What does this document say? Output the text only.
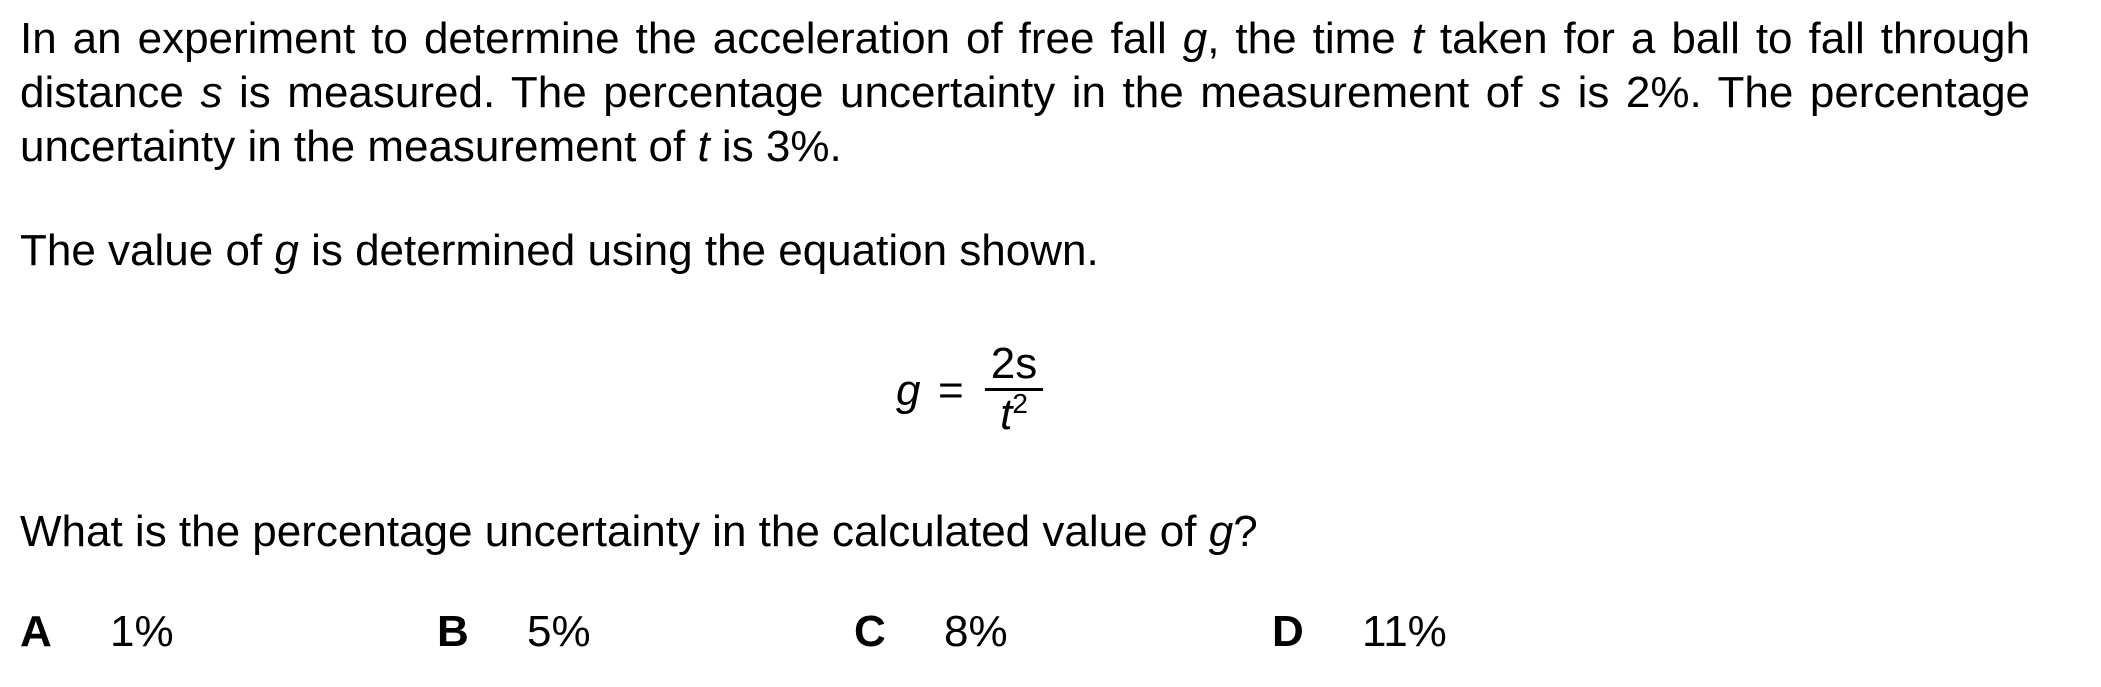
In an experiment to determine the acceleration of free fall g, the time t taken for a ball to fall through distance s is measured. The percentage uncertainty in the measurement of s is 2%. The percentage uncertainty in the measurement of t is 3%.

The value of g is determined using the equation shown.

g =
2s
$t^2$

What is the percentage uncertainty in the calculated value of g?

A 1%	B 5%	C 8%	D 11%
